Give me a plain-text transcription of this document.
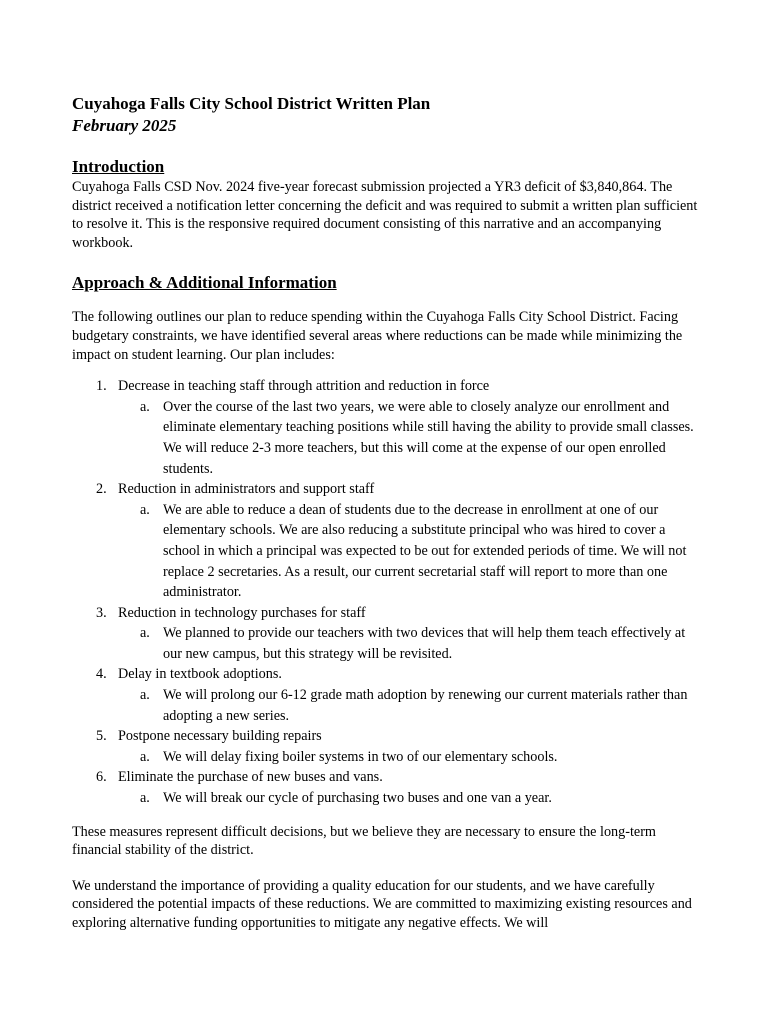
Cuyahoga Falls City School District Written Plan
February 2025
Introduction

Cuyahoga Falls CSD Nov. 2024 five-year forecast submission projected a YR3 deficit of $3,840,864. The district received a notification letter concerning the deficit and was required to submit a written plan sufficient to resolve it. This is the responsive required document consisting of this narrative and an accompanying workbook.

Approach & Additional Information

The following outlines our plan to reduce spending within the Cuyahoga Falls City School District. Facing budgetary constraints, we have identified several areas where reductions can be made while minimizing the impact on student learning. Our plan includes:

1. Decrease in teaching staff through attrition and reduction in force
a. Over the course of the last two years, we were able to closely analyze our enrollment and eliminate elementary teaching positions while still having the ability to provide small classes. We will reduce 2-3 more teachers, but this will come at the expense of our open enrolled students.
2. Reduction in administrators and support staff
a. We are able to reduce a dean of students due to the decrease in enrollment at one of our elementary schools. We are also reducing a substitute principal who was hired to cover a school in which a principal was expected to be out for extended periods of time. We will not replace 2 secretaries. As a result, our current secretarial staff will report to more than one administrator.
3. Reduction in technology purchases for staff
a. We planned to provide our teachers with two devices that will help them teach effectively at our new campus, but this strategy will be revisited.
4. Delay in textbook adoptions.
a. We will prolong our 6-12 grade math adoption by renewing our current materials rather than adopting a new series.
5. Postpone necessary building repairs
a. We will delay fixing boiler systems in two of our elementary schools.
6. Eliminate the purchase of new buses and vans.
a. We will break our cycle of purchasing two buses and one van a year.

These measures represent difficult decisions, but we believe they are necessary to ensure the long-term financial stability of the district.

We understand the importance of providing a quality education for our students, and we have carefully considered the potential impacts of these reductions. We are committed to maximizing existing resources and exploring alternative funding opportunities to mitigate any negative effects. We will
